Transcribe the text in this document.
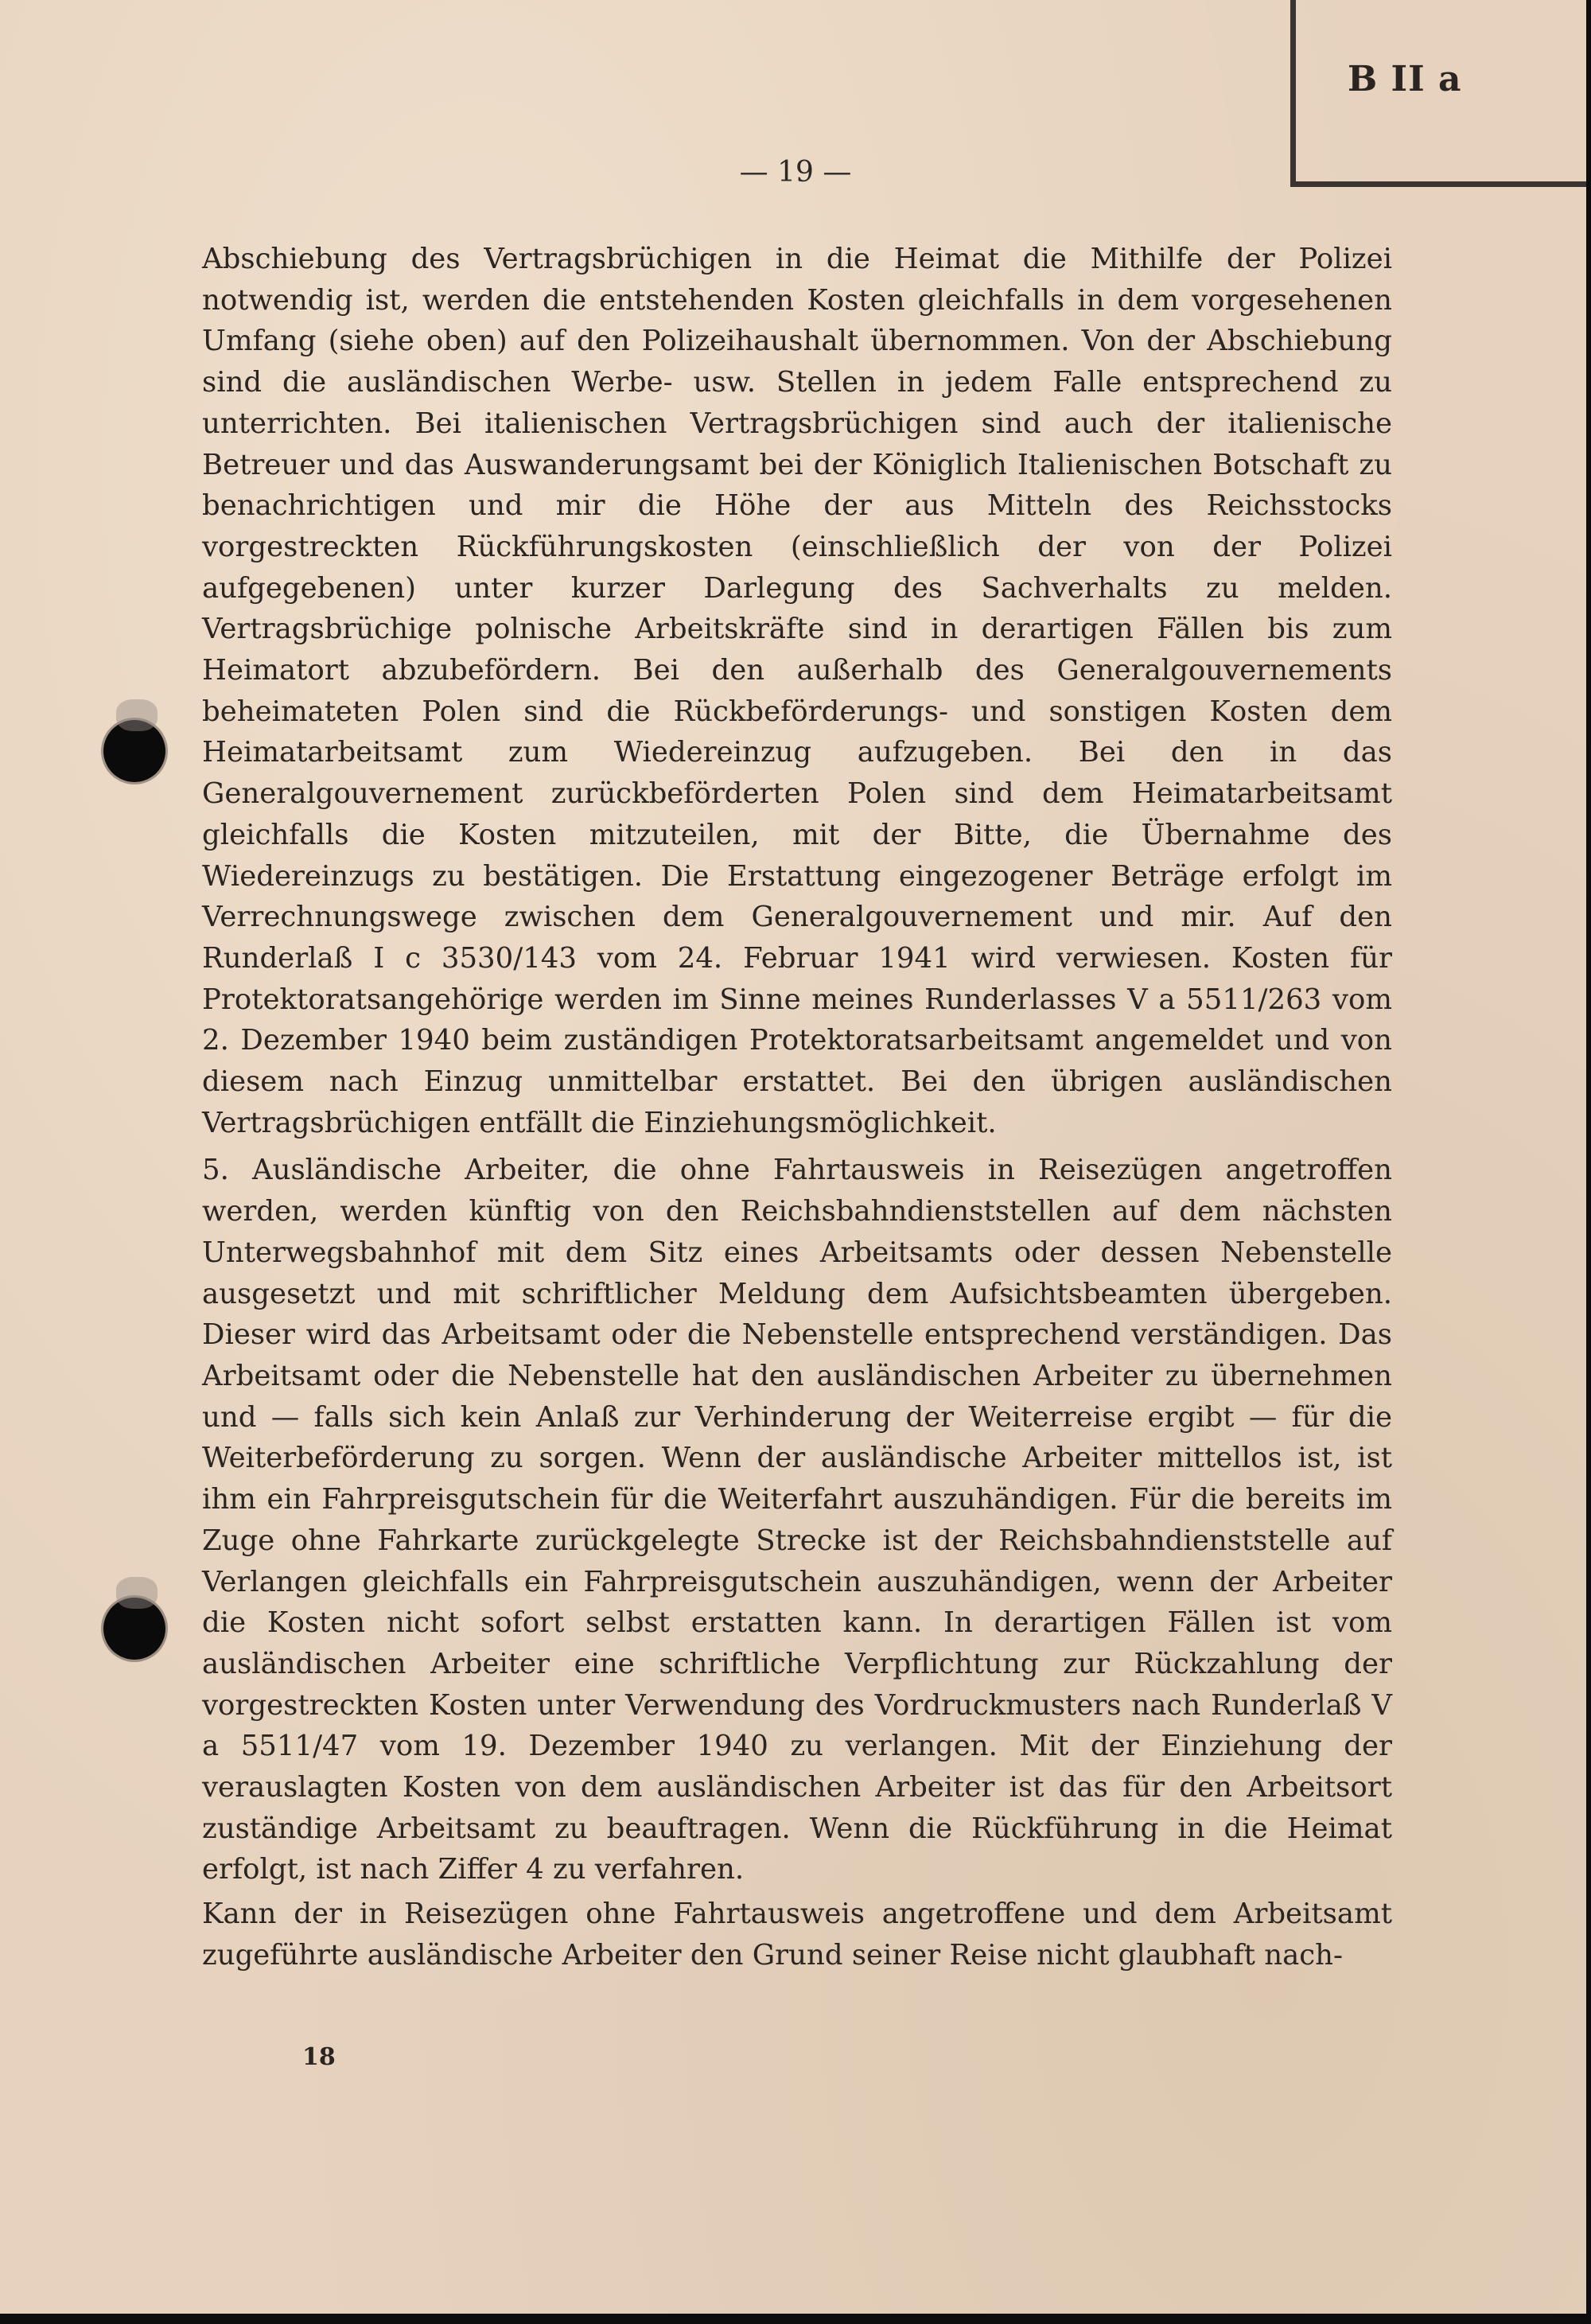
B II a
— 19 —

Abschiebung des Vertragsbrüchigen in die Heimat die Mithilfe der Polizei notwendig ist, werden die entstehenden Kosten gleichfalls in dem vorgesehenen Umfang (siehe oben) auf den Polizeihaushalt übernommen. Von der Abschiebung sind die ausländischen Werbe- usw. Stellen in jedem Falle entsprechend zu unterrichten. Bei italienischen Vertragsbrüchigen sind auch der italienische Betreuer und das Auswanderungsamt bei der Königlich Italienischen Botschaft zu benachrichtigen und mir die Höhe der aus Mitteln des Reichsstocks vorgestreckten Rückführungskosten (einschließlich der von der Polizei aufgegebenen) unter kurzer Darlegung des Sachverhalts zu melden. Vertragsbrüchige polnische Arbeitskräfte sind in derartigen Fällen bis zum Heimatort abzubefördern. Bei den außerhalb des Generalgouvernements beheimateten Polen sind die Rückbeförderungs- und sonstigen Kosten dem Heimatarbeitsamt zum Wiedereinzug aufzugeben. Bei den in das Generalgouvernement zurückbeförderten Polen sind dem Heimatarbeitsamt gleichfalls die Kosten mitzuteilen, mit der Bitte, die Übernahme des Wiedereinzugs zu bestätigen. Die Erstattung eingezogener Beträge erfolgt im Verrechnungswege zwischen dem Generalgouvernement und mir. Auf den Runderlaß I c 3530/143 vom 24. Februar 1941 wird verwiesen. Kosten für Protektoratsangehörige werden im Sinne meines Runderlasses V a 5511/263 vom 2. Dezember 1940 beim zuständigen Protektoratsarbeitsamt angemeldet und von diesem nach Einzug unmittelbar erstattet. Bei den übrigen ausländischen Vertragsbrüchigen entfällt die Einziehungsmöglichkeit.

5. Ausländische Arbeiter, die ohne Fahrtausweis in Reisezügen angetroffen werden, werden künftig von den Reichsbahndienststellen auf dem nächsten Unterwegsbahnhof mit dem Sitz eines Arbeitsamts oder dessen Nebenstelle ausgesetzt und mit schriftlicher Meldung dem Aufsichtsbeamten übergeben. Dieser wird das Arbeitsamt oder die Nebenstelle entsprechend verständigen. Das Arbeitsamt oder die Nebenstelle hat den ausländischen Arbeiter zu übernehmen und — falls sich kein Anlaß zur Verhinderung der Weiterreise ergibt — für die Weiterbeförderung zu sorgen. Wenn der ausländische Arbeiter mittellos ist, ist ihm ein Fahrpreisgutschein für die Weiterfahrt auszuhändigen. Für die bereits im Zuge ohne Fahrkarte zurückgelegte Strecke ist der Reichsbahndienststelle auf Verlangen gleichfalls ein Fahrpreisgutschein auszuhändigen, wenn der Arbeiter die Kosten nicht sofort selbst erstatten kann. In derartigen Fällen ist vom ausländischen Arbeiter eine schriftliche Verpflichtung zur Rückzahlung der vorgestreckten Kosten unter Verwendung des Vordruckmusters nach Runderlaß V a 5511/47 vom 19. Dezember 1940 zu verlangen. Mit der Einziehung der verauslagten Kosten von dem ausländischen Arbeiter ist das für den Arbeitsort zuständige Arbeitsamt zu beauftragen. Wenn die Rückführung in die Heimat erfolgt, ist nach Ziffer 4 zu verfahren.

Kann der in Reisezügen ohne Fahrtausweis angetroffene und dem Arbeitsamt zugeführte ausländische Arbeiter den Grund seiner Reise nicht glaubhaft nach-

18
